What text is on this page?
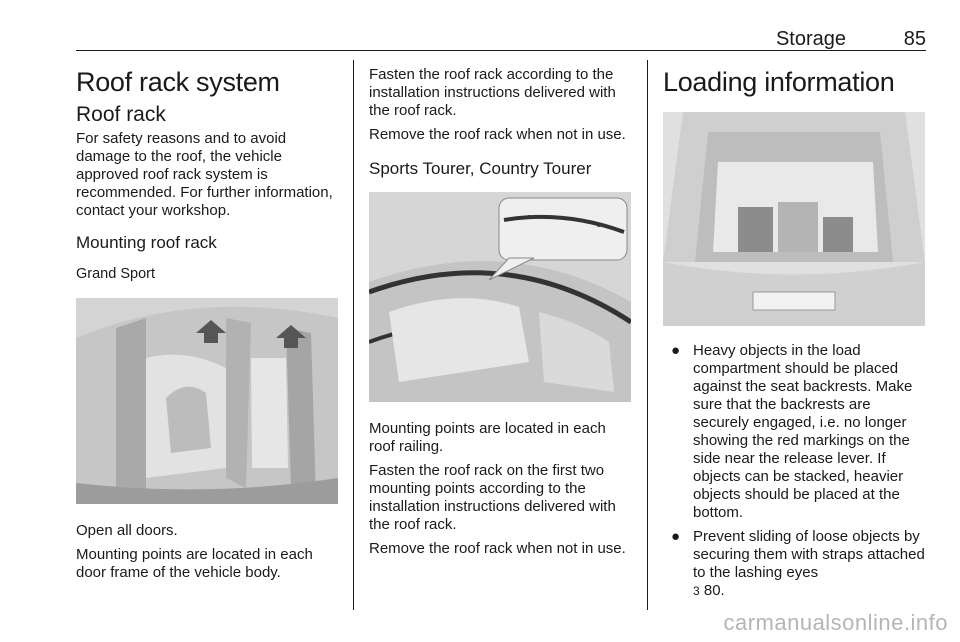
Storage	85
Roof rack system
Roof rack

For safety reasons and to avoid damage to the roof, the vehicle approved roof rack system is recommended. For further information, contact your workshop.

Mounting roof rack
Grand Sport

Open all doors.

Mounting points are located in each door frame of the vehicle body.

Fasten the roof rack according to the installation instructions delivered with the roof rack.

Remove the roof rack when not in use.

Sports Tourer, Country Tourer

Mounting points are located in each roof railing.

Fasten the roof rack on the first two mounting points according to the installation instructions delivered with the roof rack.

Remove the roof rack when not in use.

Loading information
● Heavy objects in the load compartment should be placed against the seat backrests. Make sure that the backrests are securely engaged, i.e. no longer showing the red markings on the side near the release lever. If objects can be stacked, heavier objects should be placed at the bottom.
● Prevent sliding of loose objects by securing them with straps attached to the lashing eyes
3 80.
carmanualsonline.info
